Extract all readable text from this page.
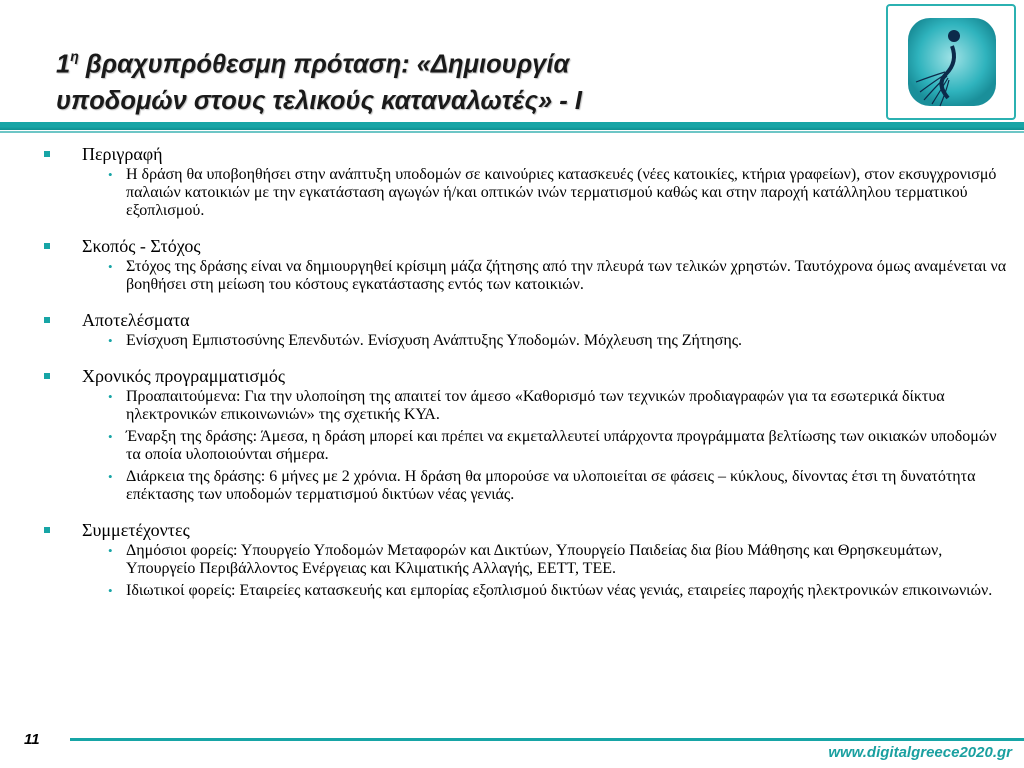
$1^\eta$ βραχυπρόθεσμη πρόταση: «Δημιουργία
υποδομών στους τελικούς καταναλωτές» - Ι
Περιγραφή
• Η δράση θα υποβοηθήσει στην ανάπτυξη υποδομών σε καινούριες κατασκευές (νέες κατοικίες, κτήρια γραφείων), στον εκσυγχρονισμό παλαιών κατοικιών με την εγκατάσταση αγωγών ή/και οπτικών ινών τερματισμού καθώς και στην παροχή κατάλληλου τερματικού εξοπλισμού.
Σκοπός - Στόχος
• Στόχος της δράσης είναι να δημιουργηθεί κρίσιμη μάζα ζήτησης από την πλευρά των τελικών χρηστών. Ταυτόχρονα όμως αναμένεται να βοηθήσει στη μείωση του κόστους εγκατάστασης εντός των κατοικιών.
Αποτελέσματα
• Ενίσχυση Εμπιστοσύνης Επενδυτών. Ενίσχυση Ανάπτυξης Υποδομών. Μόχλευση της Ζήτησης.
Χρονικός προγραμματισμός
• Προαπαιτούμενα: Για την υλοποίηση της απαιτεί τον άμεσο «Καθορισμό των τεχνικών προδιαγραφών για τα εσωτερικά δίκτυα ηλεκτρονικών επικοινωνιών» της σχετικής ΚΥΑ.
• Έναρξη της δράσης: Άμεσα, η δράση μπορεί και πρέπει να εκμεταλλευτεί υπάρχοντα προγράμματα βελτίωσης των οικιακών υποδομών τα οποία υλοποιούνται σήμερα.
• Διάρκεια της δράσης: 6 μήνες με 2 χρόνια. Η δράση θα μπορούσε να υλοποιείται σε φάσεις – κύκλους, δίνοντας έτσι τη δυνατότητα επέκτασης των υποδομών τερματισμού δικτύων νέας γενιάς.
Συμμετέχοντες
• Δημόσιοι φορείς: Υπουργείο Υποδομών Μεταφορών και Δικτύων, Υπουργείο Παιδείας δια βίου Μάθησης και Θρησκευμάτων, Υπουργείο Περιβάλλοντος Ενέργειας και Κλιματικής Αλλαγής, ΕΕΤΤ, ΤΕΕ.
• Ιδιωτικοί φορείς: Εταιρείες κατασκευής και εμπορίας εξοπλισμού δικτύων νέας γενιάς, εταιρείες παροχής ηλεκτρονικών επικοινωνιών.
11
www.digitalgreece2020.gr
